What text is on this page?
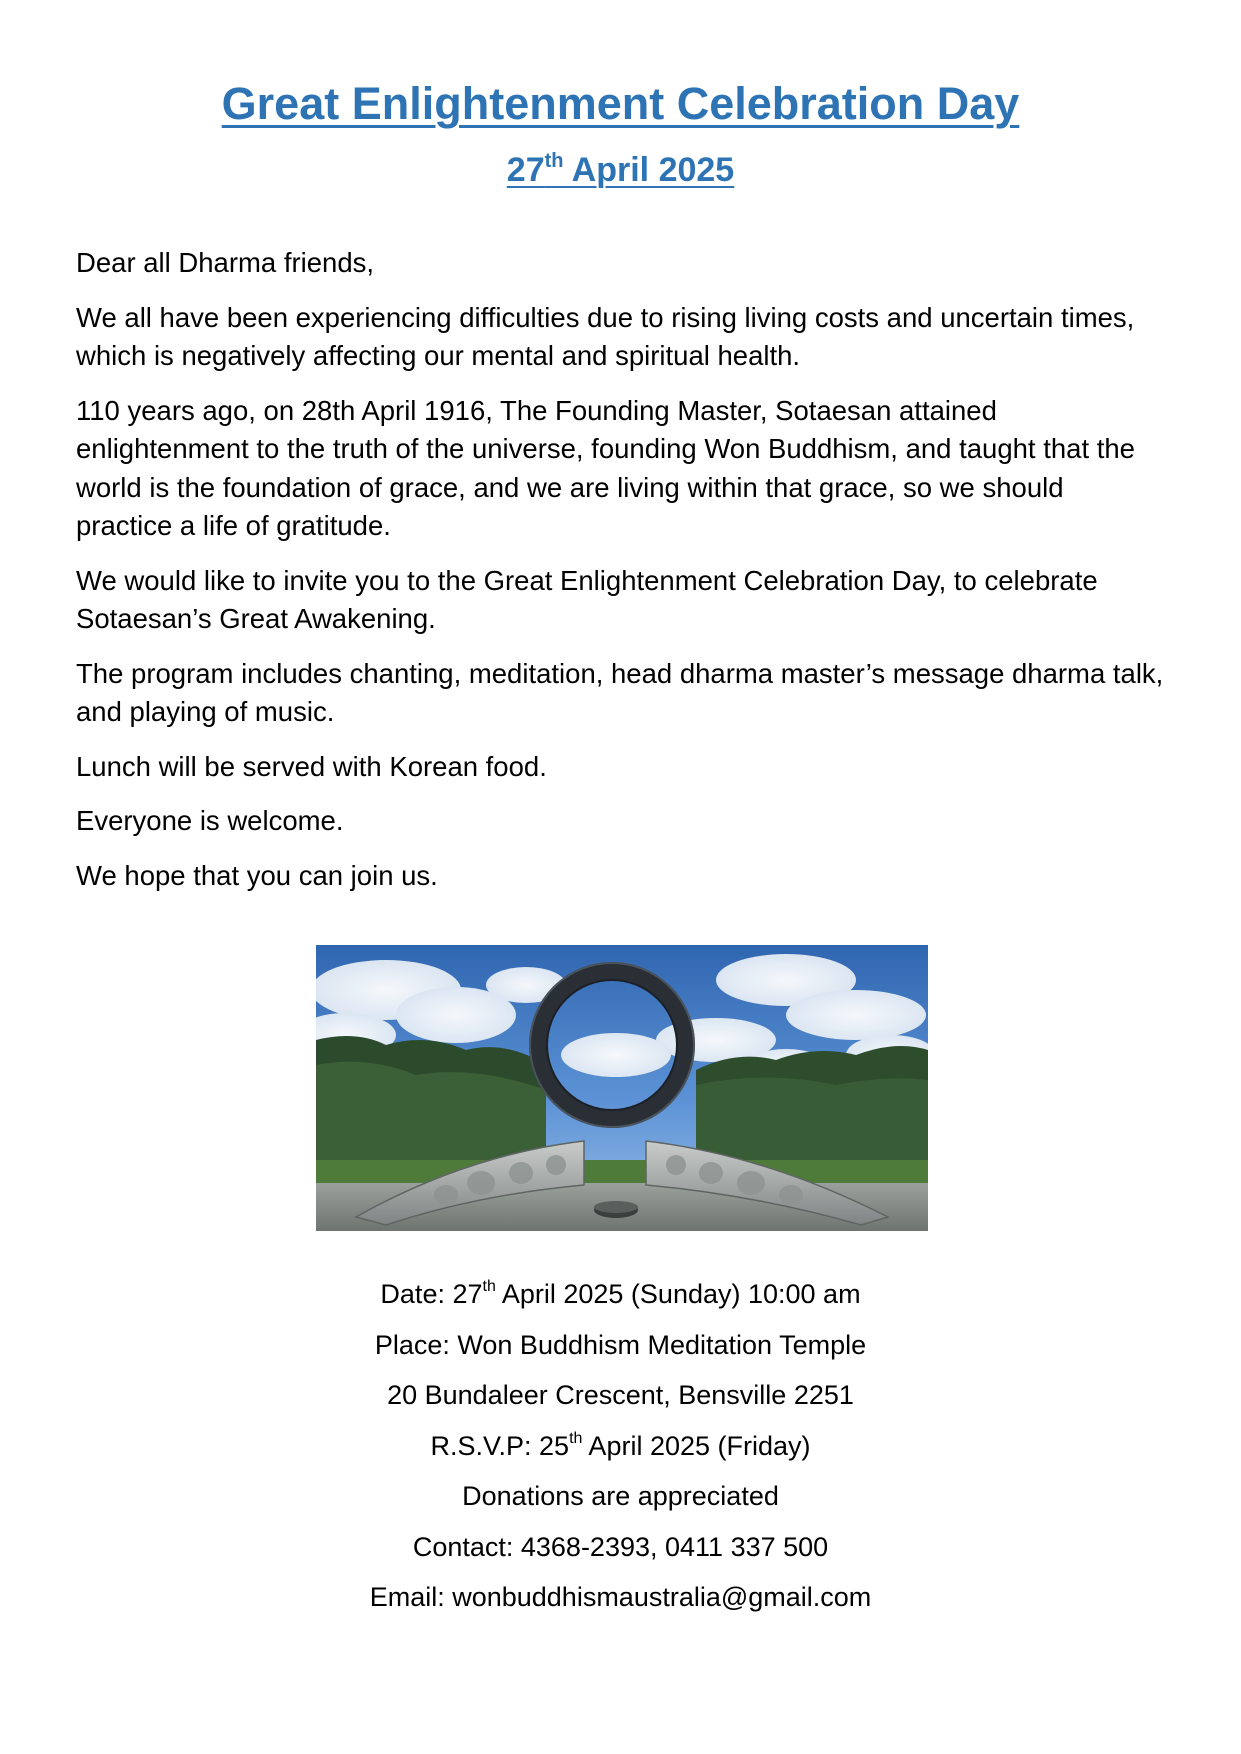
Great Enlightenment Celebration Day
27th April 2025

Dear all Dharma friends,

We all have been experiencing difficulties due to rising living costs and uncertain times, which is negatively affecting our mental and spiritual health.

110 years ago, on 28th April 1916, The Founding Master, Sotaesan attained enlightenment to the truth of the universe, founding Won Buddhism, and taught that the world is the foundation of grace, and we are living within that grace, so we should practice a life of gratitude.

We would like to invite you to the Great Enlightenment Celebration Day, to celebrate Sotaesan’s Great Awakening.

The program includes chanting, meditation, head dharma master’s message dharma talk, and playing of music.

Lunch will be served with Korean food.

Everyone is welcome.

We hope that you can join us.

Date: 27th April 2025 (Sunday) 10:00 am
Place: Won Buddhism Meditation Temple
20 Bundaleer Crescent, Bensville 2251
R.S.V.P: 25th April 2025 (Friday)
Donations are appreciated
Contact: 4368-2393, 0411 337 500
Email: wonbuddhismaustralia@gmail.com
